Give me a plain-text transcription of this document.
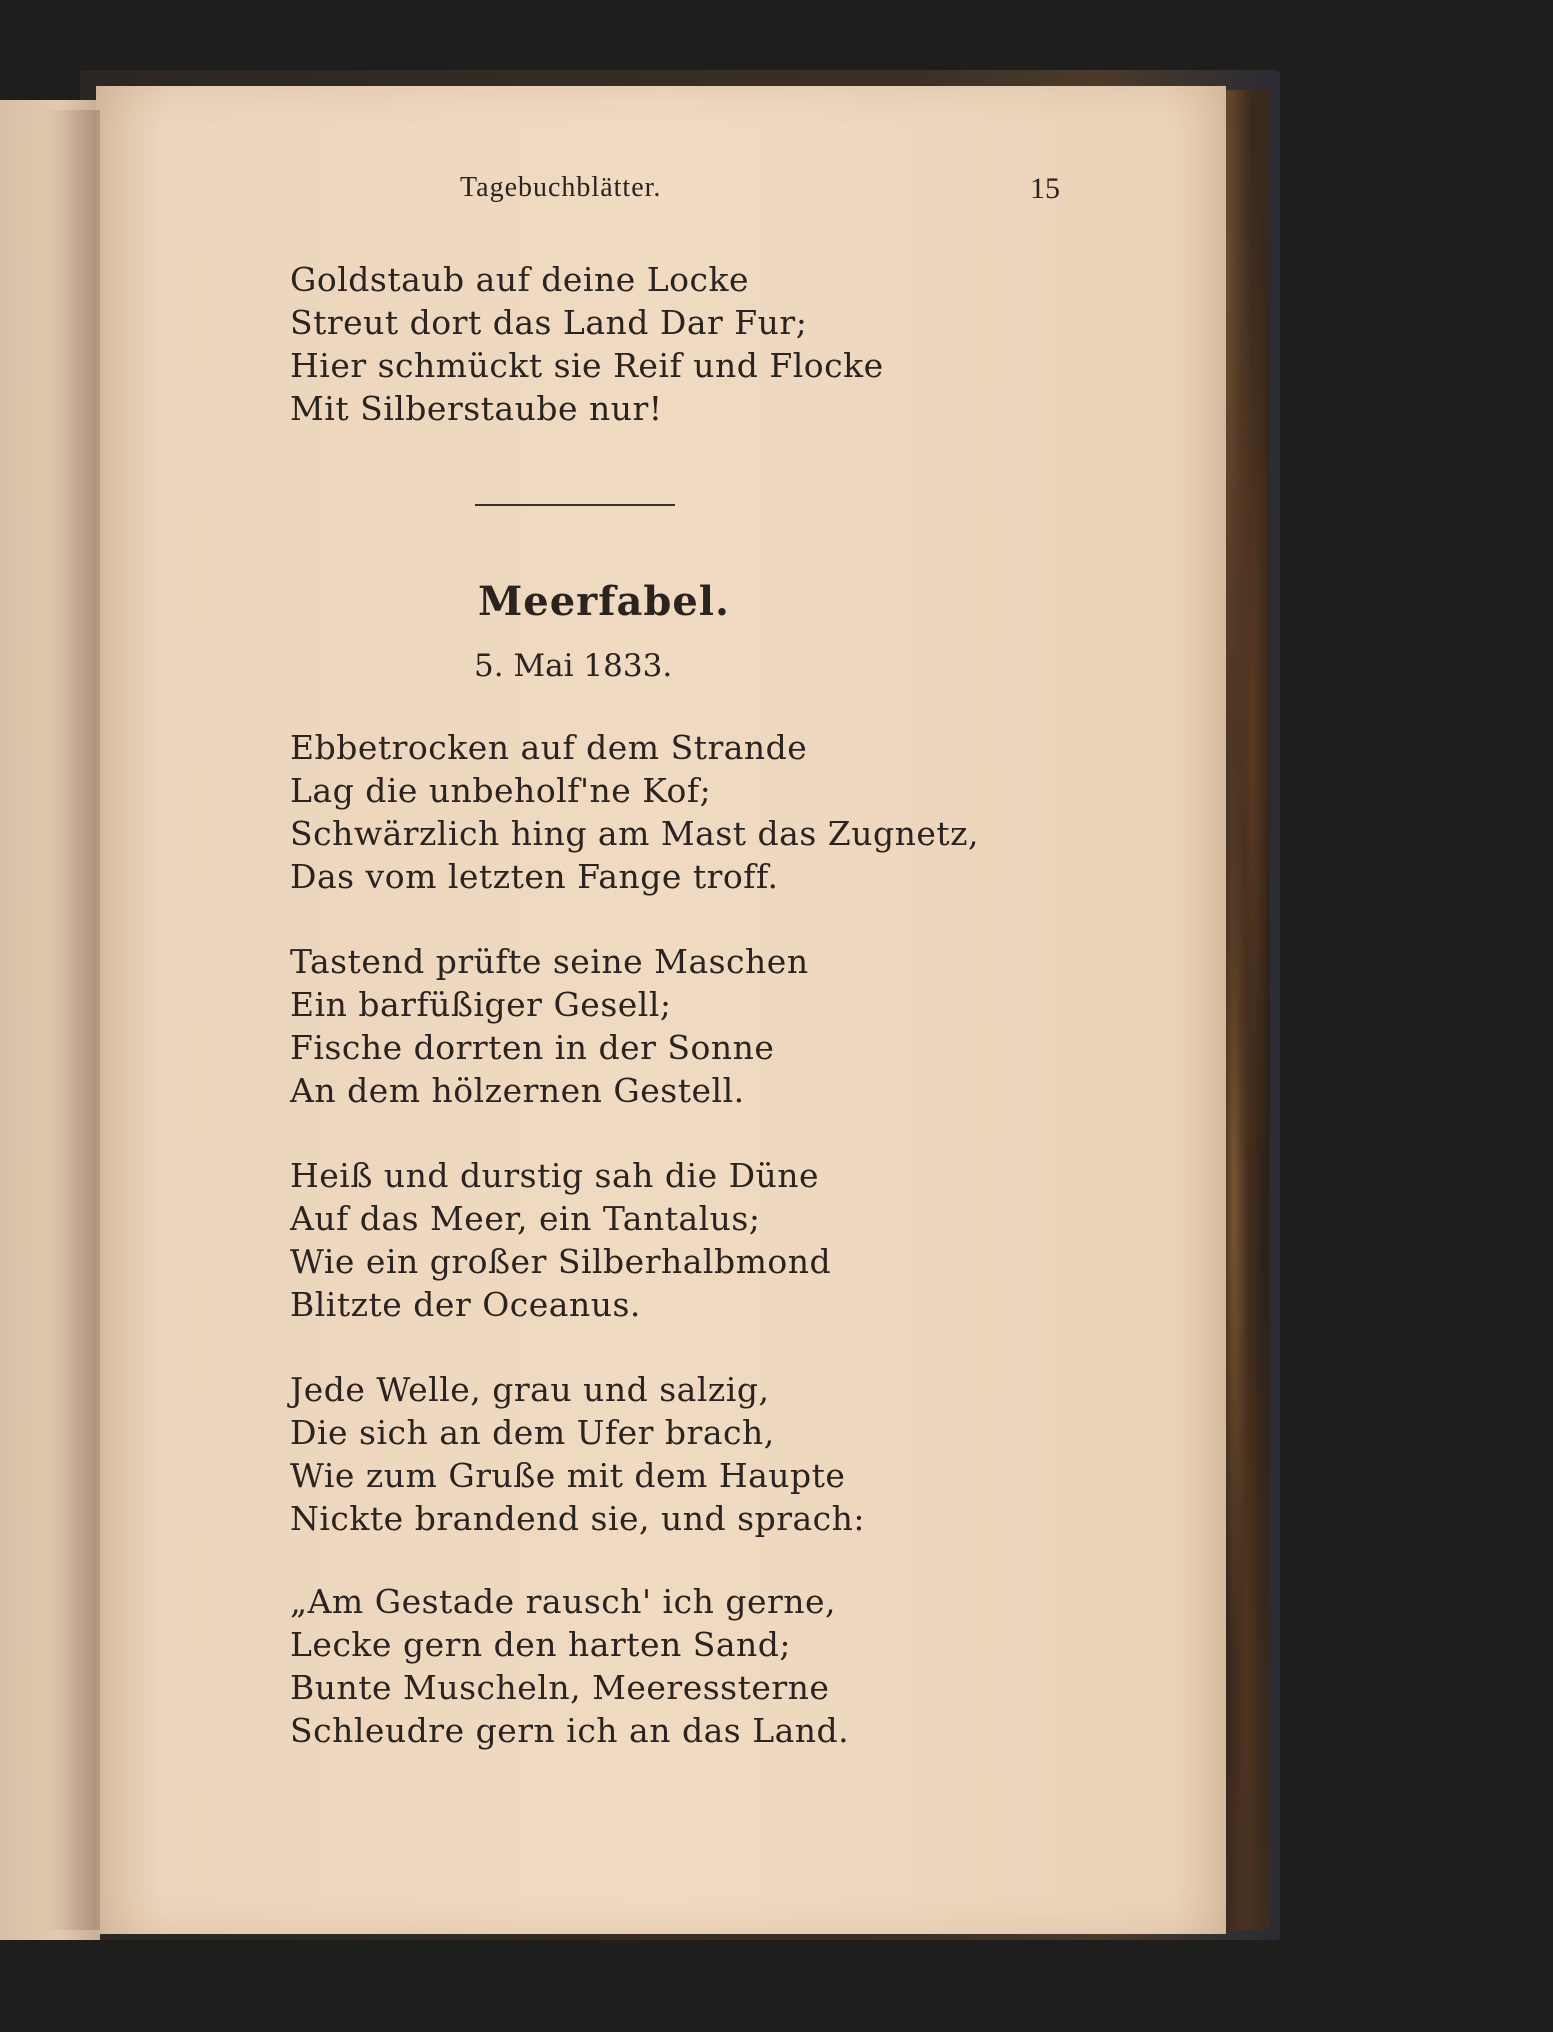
Tagebuchblätter.	15
Goldstaub auf deine Locke
Streut dort das Land Dar Fur;
Hier schmückt sie Reif und Flocke
Mit Silberstaube nur!
Meerfabel.
5. Mai 1833.
Ebbetrocken auf dem Strande
Lag die unbeholf'ne Kof;
Schwärzlich hing am Mast das Zugnetz,
Das vom letzten Fange troff.
Tastend prüfte seine Maschen
Ein barfüßiger Gesell;
Fische dorrten in der Sonne
An dem hölzernen Gestell.
Heiß und durstig sah die Düne
Auf das Meer, ein Tantalus;
Wie ein großer Silberhalbmond
Blitzte der Oceanus.
Jede Welle, grau und salzig,
Die sich an dem Ufer brach,
Wie zum Gruße mit dem Haupte
Nickte brandend sie, und sprach:
„Am Gestade rausch' ich gerne,
Lecke gern den harten Sand;
Bunte Muscheln, Meeressterne
Schleudre gern ich an das Land.
